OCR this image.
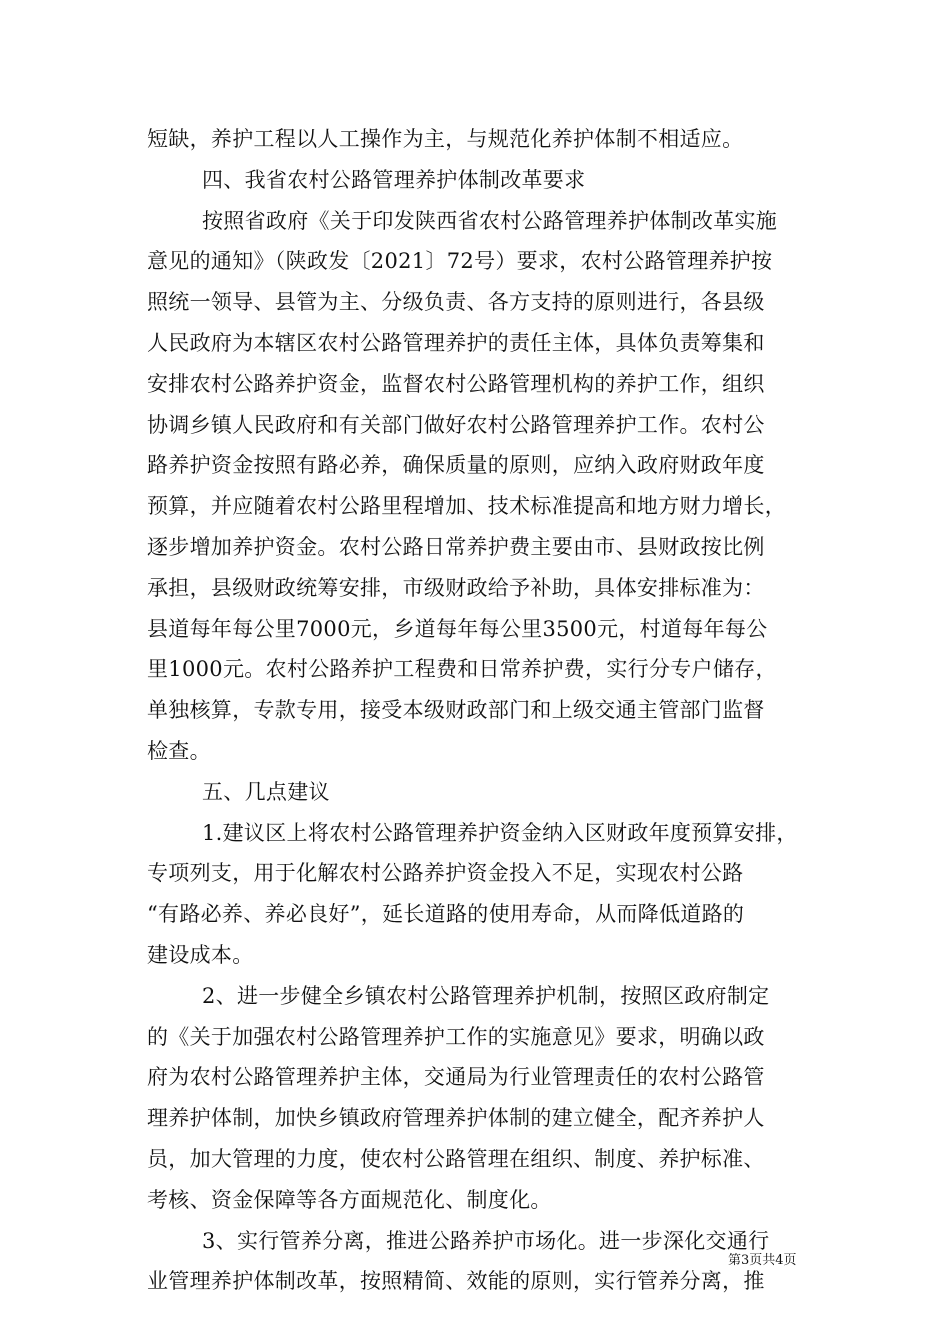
短缺，养护工程以人工操作为主，与规范化养护体制不相适应。
四、我省农村公路管理养护体制改革要求
按照省政府《关于印发陕西省农村公路管理养护体制改革实施
意见的通知》（陕政发〔2021〕72号）要求，农村公路管理养护按
照统一领导、县管为主、分级负责、各方支持的原则进行，各县级
人民政府为本辖区农村公路管理养护的责任主体，具体负责筹集和
安排农村公路养护资金，监督农村公路管理机构的养护工作，组织
协调乡镇人民政府和有关部门做好农村公路管理养护工作。农村公
路养护资金按照有路必养，确保质量的原则，应纳入政府财政年度
预算，并应随着农村公路里程增加、技术标准提高和地方财力增长，
逐步增加养护资金。农村公路日常养护费主要由市、县财政按比例
承担，县级财政统筹安排，市级财政给予补助，具体安排标准为：
县道每年每公里7000元，乡道每年每公里3500元，村道每年每公
里1000元。农村公路养护工程费和日常养护费，实行分专户储存，
单独核算，专款专用，接受本级财政部门和上级交通主管部门监督
检查。
五、几点建议
1.建议区上将农村公路管理养护资金纳入区财政年度预算安排，
专项列支，用于化解农村公路养护资金投入不足，实现农村公路
“有路必养、养必良好”，延长道路的使用寿命，从而降低道路的
建设成本。
2、进一步健全乡镇农村公路管理养护机制，按照区政府制定
的《关于加强农村公路管理养护工作的实施意见》要求，明确以政
府为农村公路管理养护主体，交通局为行业管理责任的农村公路管
理养护体制，加快乡镇政府管理养护体制的建立健全，配齐养护人
员，加大管理的力度，使农村公路管理在组织、制度、养护标准、
考核、资金保障等各方面规范化、制度化。
3、实行管养分离，推进公路养护市场化。进一步深化交通行
业管理养护体制改革，按照精简、效能的原则，实行管养分离，推
第3页共4页
